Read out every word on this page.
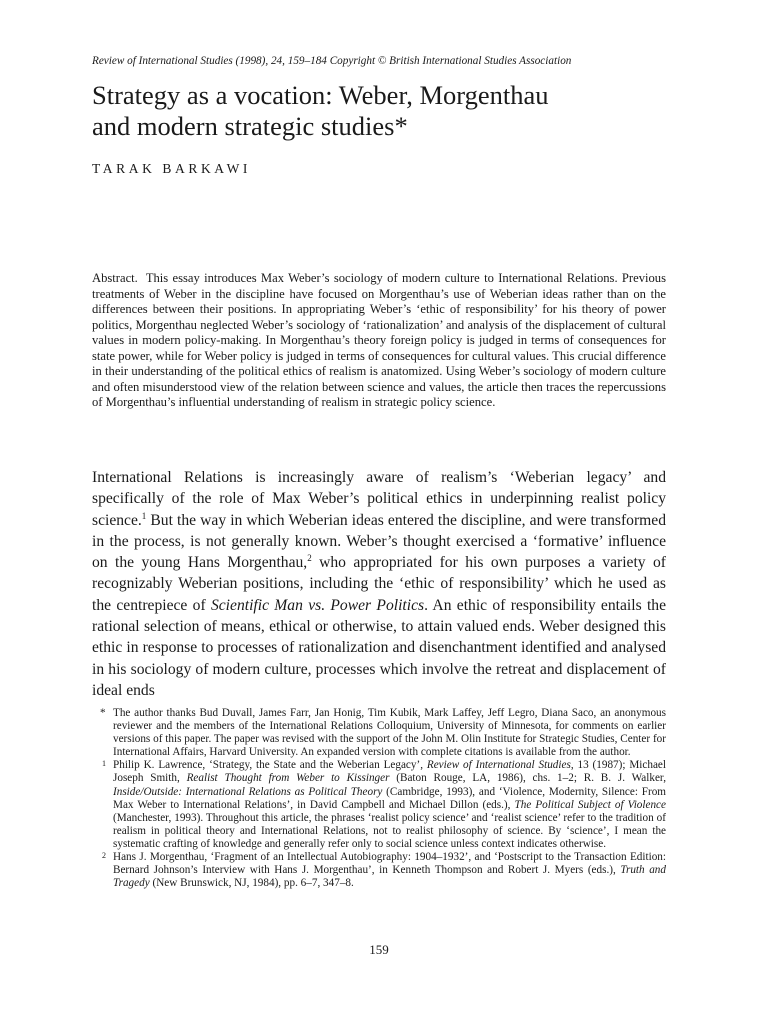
Review of International Studies (1998), 24, 159–184 Copyright © British International Studies Association
Strategy as a vocation: Weber, Morgenthau
and modern strategic studies*
TARAK BARKAWI
Abstract. This essay introduces Max Weber’s sociology of modern culture to International Relations. Previous treatments of Weber in the discipline have focused on Morgenthau’s use of Weberian ideas rather than on the differences between their positions. In appropriating Weber’s ‘ethic of responsibility’ for his theory of power politics, Morgenthau neglected Weber’s sociology of ‘rationalization’ and analysis of the displacement of cultural values in modern policy-making. In Morgenthau’s theory foreign policy is judged in terms of consequences for state power, while for Weber policy is judged in terms of consequences for cultural values. This crucial difference in their understanding of the political ethics of realism is anatomized. Using Weber’s sociology of modern culture and often misunderstood view of the relation between science and values, the article then traces the repercussions of Morgenthau’s influential understanding of realism in strategic policy science.

International Relations is increasingly aware of realism’s ‘Weberian legacy’ and specifically of the role of Max Weber’s political ethics in underpinning realist policy science.$^1$ But the way in which Weberian ideas entered the discipline, and were transformed in the process, is not generally known. Weber’s thought exercised a ‘formative’ influence on the young Hans Morgenthau,$^2$ who appropriated for his own purposes a variety of recognizably Weberian positions, including the ‘ethic of responsibility’ which he used as the centrepiece of Scientific Man vs. Power Politics. An ethic of responsibility entails the rational selection of means, ethical or otherwise, to attain valued ends. Weber designed this ethic in response to processes of rationalization and disenchantment identified and analysed in his sociology of modern culture, processes which involve the retreat and displacement of ideal ends

* The author thanks Bud Duvall, James Farr, Jan Honig, Tim Kubik, Mark Laffey, Jeff Legro, Diana Saco, an anonymous reviewer and the members of the International Relations Colloquium, University of Minnesota, for comments on earlier versions of this paper. The paper was revised with the support of the John M. Olin Institute for Strategic Studies, Center for International Affairs, Harvard University. An expanded version with complete citations is available from the author.
1 Philip K. Lawrence, ‘Strategy, the State and the Weberian Legacy’, Review of International Studies, 13 (1987); Michael Joseph Smith, Realist Thought from Weber to Kissinger (Baton Rouge, LA, 1986), chs. 1–2; R. B. J. Walker, Inside/Outside: International Relations as Political Theory (Cambridge, 1993), and ‘Violence, Modernity, Silence: From Max Weber to International Relations’, in David Campbell and Michael Dillon (eds.), The Political Subject of Violence (Manchester, 1993). Throughout this article, the phrases ‘realist policy science’ and ‘realist science’ refer to the tradition of realism in political theory and International Relations, not to realist philosophy of science. By ‘science’, I mean the systematic crafting of knowledge and generally refer only to social science unless context indicates otherwise.
2 Hans J. Morgenthau, ‘Fragment of an Intellectual Autobiography: 1904–1932’, and ‘Postscript to the Transaction Edition: Bernard Johnson’s Interview with Hans J. Morgenthau’, in Kenneth Thompson and Robert J. Myers (eds.), Truth and Tragedy (New Brunswick, NJ, 1984), pp. 6–7, 347–8.
159
